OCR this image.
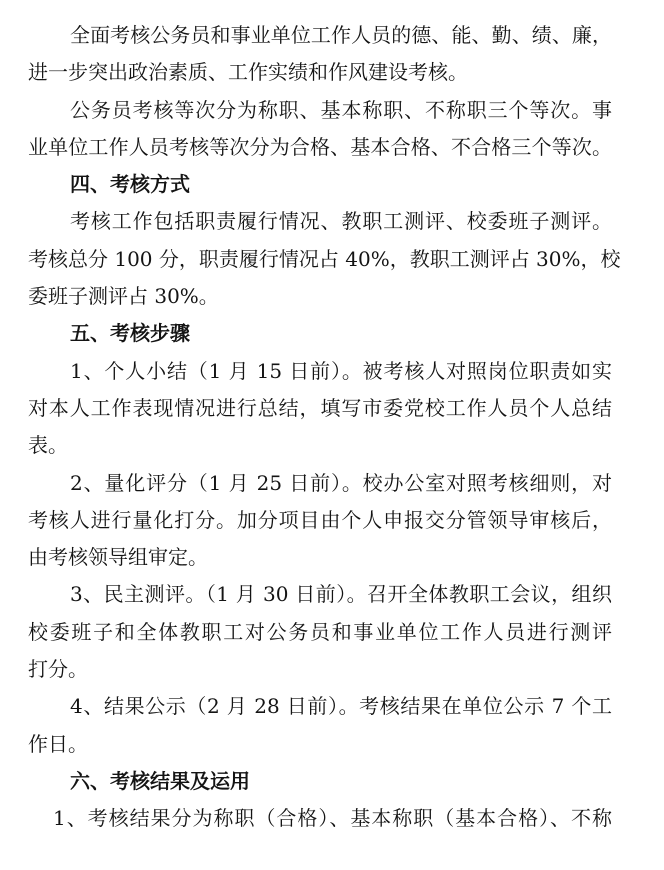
全面考核公务员和事业单位工作人员的德、能、勤、绩、廉，
进一步突出政治素质、工作实绩和作风建设考核。
公务员考核等次分为称职、基本称职、不称职三个等次。事
业单位工作人员考核等次分为合格、基本合格、不合格三个等次。
四、考核方式
考核工作包括职责履行情况、教职工测评、校委班子测评。
考核总分 100 分，职责履行情况占 40%，教职工测评占 30%，校
委班子测评占 30%。
五、考核步骤
1、个人小结（1 月 15 日前）。被考核人对照岗位职责如实
对本人工作表现情况进行总结，填写市委党校工作人员个人总结
表。
2、量化评分（1 月 25 日前）。校办公室对照考核细则，对
考核人进行量化打分。加分项目由个人申报交分管领导审核后，
由考核领导组审定。
3、民主测评。（1 月 30 日前）。召开全体教职工会议，组织
校委班子和全体教职工对公务员和事业单位工作人员进行测评
打分。
4、结果公示（2 月 28 日前）。考核结果在单位公示 7 个工
作日。
六、考核结果及运用
1、考核结果分为称职（合格）、基本称职（基本合格）、不称
